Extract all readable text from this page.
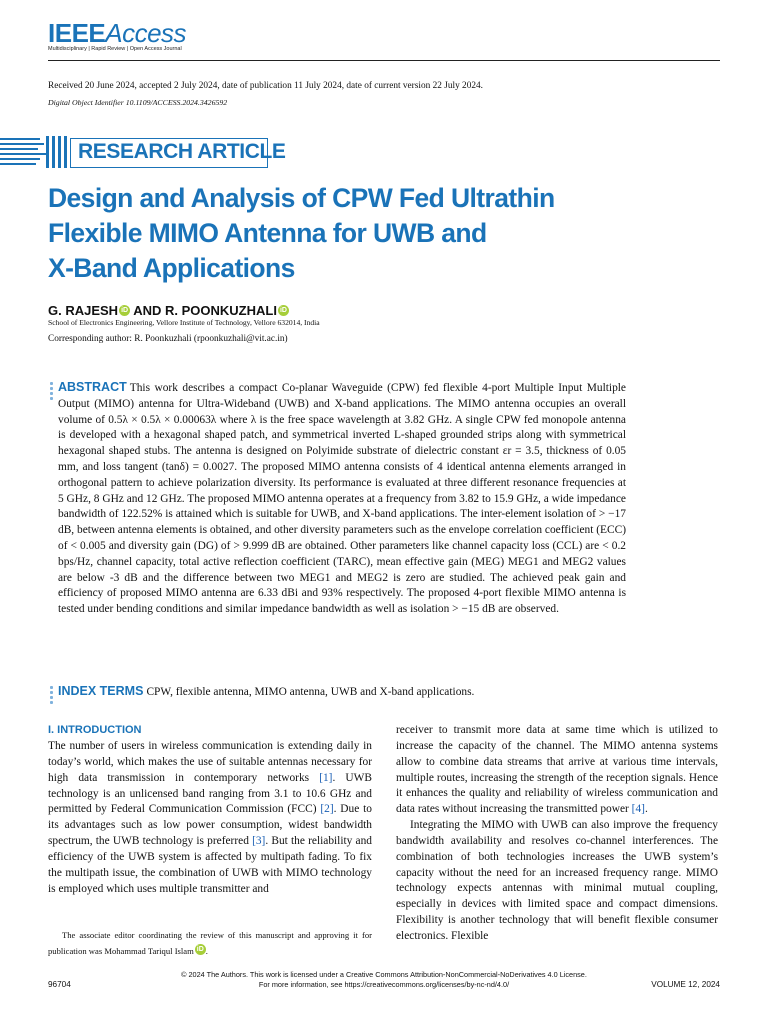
IEEEAccess
Multidisciplinary | Rapid Review | Open Access Journal
Received 20 June 2024, accepted 2 July 2024, date of publication 11 July 2024, date of current version 22 July 2024.
Digital Object Identifier 10.1109/ACCESS.2024.3426592
RESEARCH ARTICLE
Design and Analysis of CPW Fed Ultrathin
Flexible MIMO Antenna for UWB and
X-Band Applications
G. RAJESH iD AND R. POONKUZHALI iD
School of Electronics Engineering, Vellore Institute of Technology, Vellore 632014, India
Corresponding author: R. Poonkuzhali (rpoonkuzhali@vit.ac.in)
ABSTRACT This work describes a compact Co-planar Waveguide (CPW) fed flexible 4-port Multiple Input Multiple Output (MIMO) antenna for Ultra-Wideband (UWB) and X-band applications. The MIMO antenna occupies an overall volume of 0.5λ × 0.5λ × 0.00063λ where λ is the free space wavelength at 3.82 GHz. A single CPW fed monopole antenna is developed with a hexagonal shaped patch, and symmetrical inverted L-shaped grounded strips along with symmetrical hexagonal shaped stubs. The antenna is designed on Polyimide substrate of dielectric constant εr = 3.5, thickness of 0.05 mm, and loss tangent (tanδ) = 0.0027. The proposed MIMO antenna consists of 4 identical antenna elements arranged in orthogonal pattern to achieve polarization diversity. Its performance is evaluated at three different resonance frequencies at 5 GHz, 8 GHz and 12 GHz. The proposed MIMO antenna operates at a frequency from 3.82 to 15.9 GHz, a wide impedance bandwidth of 122.52% is attained which is suitable for UWB, and X-band applications. The inter-element isolation of > −17 dB, between antenna elements is obtained, and other diversity parameters such as the envelope correlation coefficient (ECC) of < 0.005 and diversity gain (DG) of > 9.999 dB are obtained. Other parameters like channel capacity loss (CCL) are < 0.2 bps/Hz, channel capacity, total active reflection coefficient (TARC), mean effective gain (MEG) MEG1 and MEG2 values are below -3 dB and the difference between two MEG1 and MEG2 is zero are studied. The achieved peak gain and efficiency of proposed MIMO antenna are 6.33 dBi and 93% respectively. The proposed 4-port flexible MIMO antenna is tested under bending conditions and similar impedance bandwidth as well as isolation > −15 dB are observed.
INDEX TERMS CPW, flexible antenna, MIMO antenna, UWB and X-band applications.
I. INTRODUCTION
The number of users in wireless communication is extending daily in today’s world, which makes the use of suitable antennas necessary for high data transmission in contemporary networks [1]. UWB technology is an unlicensed band ranging from 3.1 to 10.6 GHz and permitted by Federal Communication Commission (FCC) [2]. Due to its advantages such as low power consumption, widest bandwidth spectrum, the UWB technology is preferred [3]. But the reliability and efficiency of the UWB system is affected by multipath fading. To fix the multipath issue, the combination of UWB with MIMO technology is employed which uses multiple transmitter and
receiver to transmit more data at same time which is utilized to increase the capacity of the channel. The MIMO antenna systems allow to combine data streams that arrive at various time intervals, multiple routes, increasing the strength of the reception signals. Hence it enhances the quality and reliability of wireless communication and data rates without increasing the transmitted power [4].
Integrating the MIMO with UWB can also improve the frequency bandwidth availability and resolves co-channel interferences. The combination of both technologies increases the UWB system’s capacity without the need for an increased frequency range. MIMO technology expects antennas with minimal mutual coupling, especially in devices with limited space and compact dimensions. Flexibility is another technology that will benefit flexible consumer electronics. Flexible
The associate editor coordinating the review of this manuscript and approving it for publication was Mohammad Tariqul Islam iD .
© 2024 The Authors. This work is licensed under a Creative Commons Attribution-NonCommercial-NoDerivatives 4.0 License.
For more information, see https://creativecommons.org/licenses/by-nc-nd/4.0/
96704	VOLUME 12, 2024
